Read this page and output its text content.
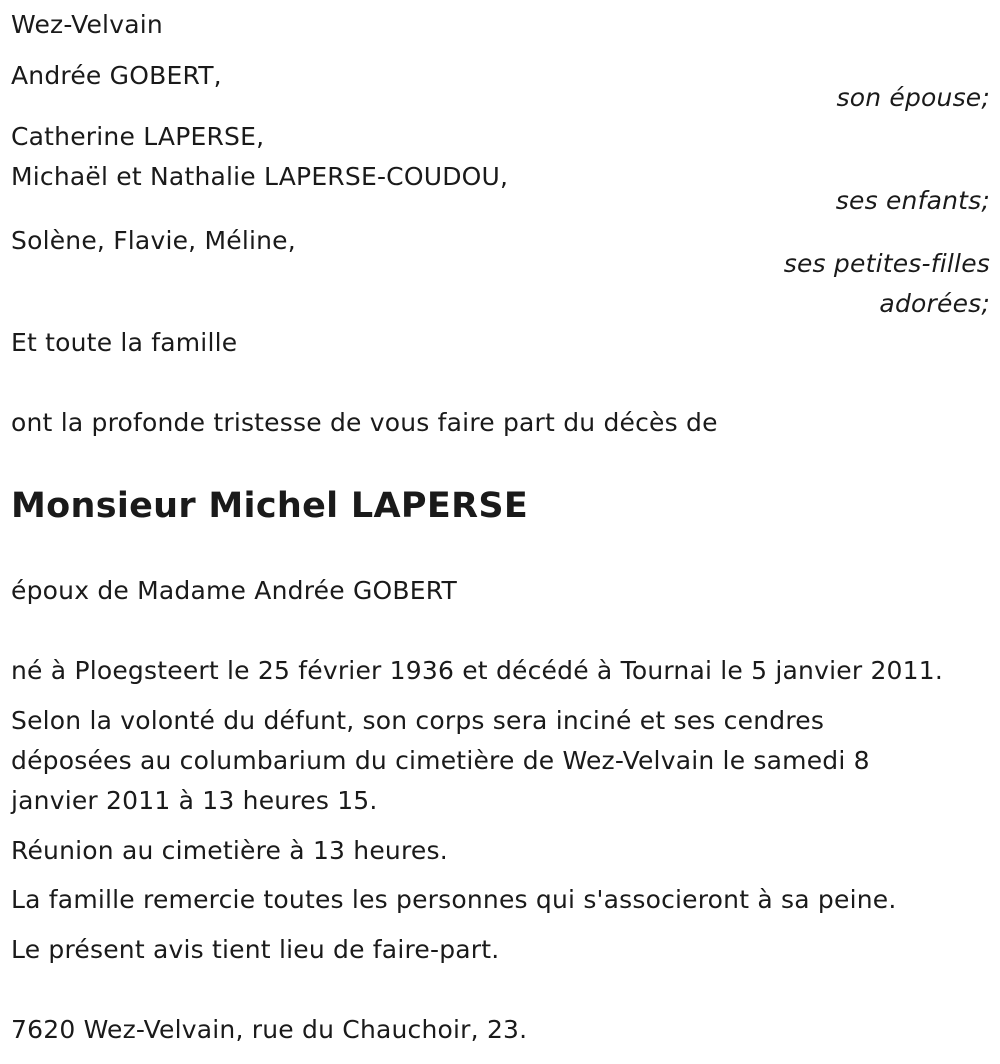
Wez-Velvain
Andrée GOBERT,
son épouse;
Catherine LAPERSE,
Michaël et Nathalie LAPERSE-COUDOU,
ses enfants;
Solène, Flavie, Méline,
ses petites-filles
adorées;
Et toute la famille
ont la profonde tristesse de vous faire part du décès de
Monsieur Michel LAPERSE
époux de Madame Andrée GOBERT
né à Ploegsteert le 25 février 1936 et décédé à Tournai le 5 janvier 2011.
Selon la volonté du défunt, son corps sera inciné et ses cendres
déposées au columbarium du cimetière de Wez-Velvain le samedi 8
janvier 2011 à 13 heures 15.
Réunion au cimetière à 13 heures.
La famille remercie toutes les personnes qui s'associeront à sa peine.
Le présent avis tient lieu de faire-part.
7620 Wez-Velvain, rue du Chauchoir, 23.
